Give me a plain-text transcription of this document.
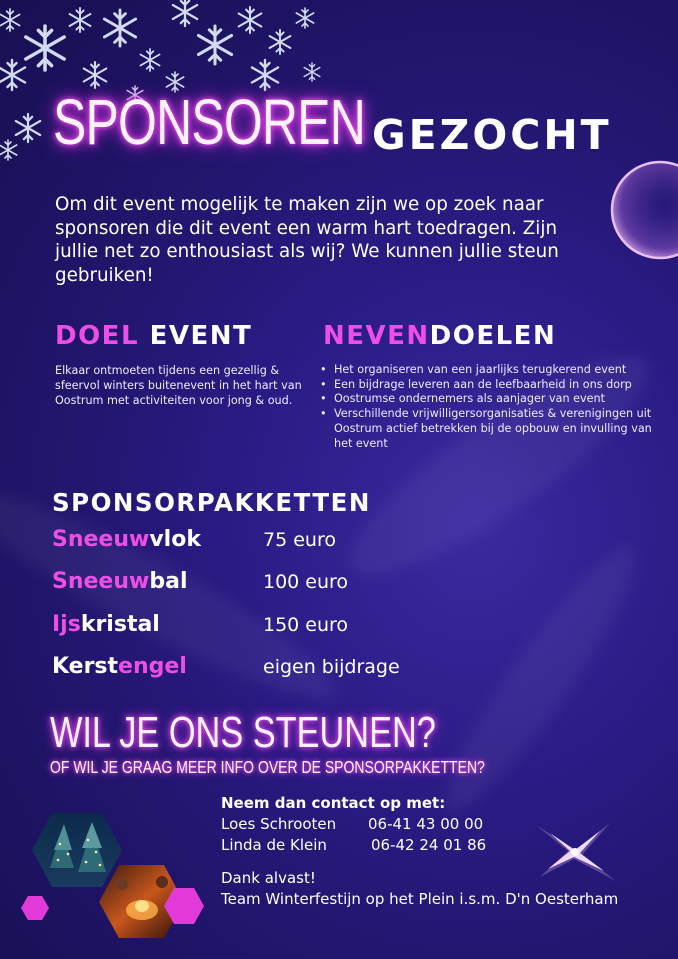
SPONSOREN GEZOCHT
Om dit event mogelijk te maken zijn we op zoek naar sponsoren die dit event een warm hart toedragen. Zijn jullie net zo enthousiast als wij? We kunnen jullie steun gebruiken!
DOEL EVENT
Elkaar ontmoeten tijdens een gezellig & sfeervol winters buitenevent in het hart van Oostrum met activiteiten voor jong & oud.
NEVENDOELEN
• Het organiseren van een jaarlijks terugkerend event
• Een bijdrage leveren aan de leefbaarheid in ons dorp
• Oostrumse ondernemers als aanjager van event
• Verschillende vrijwilligersorganisaties & verenigingen uit Oostrum actief betrekken bij de opbouw en invulling van het event
SPONSORPAKKETTEN
Sneeuwvlok	75 euro
Sneeuwbal	100 euro
Ijskristal	150 euro
Kerstengel	eigen bijdrage
WIL JE ONS STEUNEN?
OF WIL JE GRAAG MEER INFO OVER DE SPONSORPAKKETTEN?
Neem dan contact op met:
Loes Schrooten 06-41 43 00 00
Linda de Klein	06-42 24 01 86
Dank alvast!
Team Winterfestijn op het Plein i.s.m. D'n Oesterham
